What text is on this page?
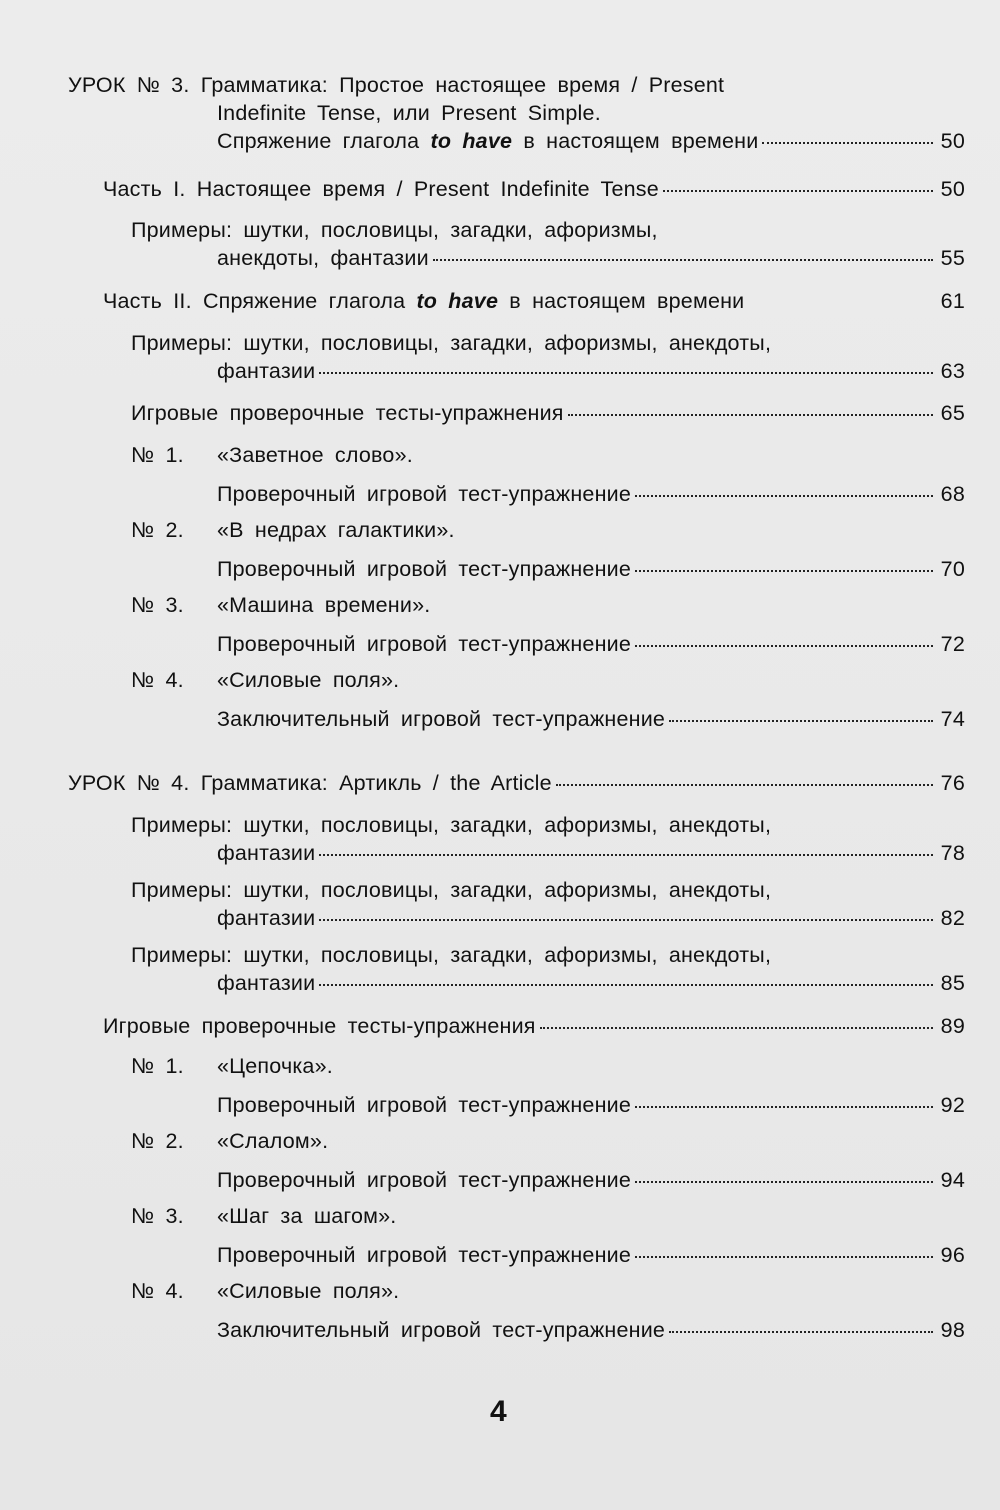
УРОК № 3. Грамматика: Простое настоящее время / Present
Indefinite Tense, или Present Simple.
Спряжение глагола to have в настоящем времени	50
Часть I. Настоящее время / Present Indefinite Tense	50
Примеры: шутки, пословицы, загадки, афоризмы,
анекдоты, фантазии	55
Часть II. Спряжение глагола to have в настоящем времени	61
Примеры: шутки, пословицы, загадки, афоризмы, анекдоты,
фантазии	63
Игровые проверочные тесты-упражнения	65
№ 1. «Заветное слово».
Проверочный игровой тест-упражнение	68
№ 2. «В недрах галактики».
Проверочный игровой тест-упражнение	70
№ 3. «Машина времени».
Проверочный игровой тест-упражнение	72
№ 4. «Силовые поля».
Заключительный игровой тест-упражнение	74
УРОК № 4. Грамматика: Артикль / the Article	76
Примеры: шутки, пословицы, загадки, афоризмы, анекдоты,
фантазии	78
Примеры: шутки, пословицы, загадки, афоризмы, анекдоты,
фантазии	82
Примеры: шутки, пословицы, загадки, афоризмы, анекдоты,
фантазии	85
Игровые проверочные тесты-упражнения	89
№ 1. «Цепочка».
Проверочный игровой тест-упражнение	92
№ 2. «Слалом».
Проверочный игровой тест-упражнение	94
№ 3. «Шаг за шагом».
Проверочный игровой тест-упражнение	96
№ 4. «Силовые поля».
Заключительный игровой тест-упражнение	98
4
